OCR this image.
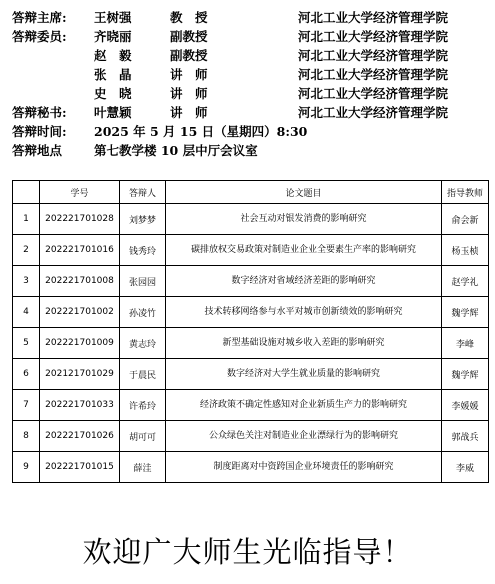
答辩主席: 王树强	教　授	河北工业大学经济管理学院
答辩委员: 齐晓丽	副教授	河北工业大学经济管理学院
赵　毅	副教授	河北工业大学经济管理学院
张　晶	讲　师	河北工业大学经济管理学院
史　晓	讲　师	河北工业大学经济管理学院
答辩秘书: 叶慧颖	讲　师	河北工业大学经济管理学院
答辩时间: 2025 年 5 月 15 日（星期四）8:30
答辩地点	第七教学楼 10 层中厅会议室
	学号	答辩人	论文题目	指导教师
1	202221701028	刘梦梦	社会互动对银发消费的影响研究	俞会新
2	202221701016	钱秀玲	碳排放权交易政策对制造业企业全要素生产率的影响研究	杨玉桢
3	202221701008	张园园	数字经济对省域经济差距的影响研究	赵学礼
4	202221701002	孙凌竹	技术转移网络参与水平对城市创新绩效的影响研究	魏学辉
5	202221701009	黄志玲	新型基础设施对城乡收入差距的影响研究	李峰
6	202121701029	于晨民	数字经济对大学生就业质量的影响研究	魏学辉
7	202221701033	许希玲	经济政策不确定性感知对企业新质生产力的影响研究	李媛媛
8	202221701026	胡可可	公众绿色关注对制造业企业漂绿行为的影响研究	郭战兵
9	202221701015	薛洼	制度距离对中资跨国企业环境责任的影响研究	李威
欢迎广大师生光临指导！
